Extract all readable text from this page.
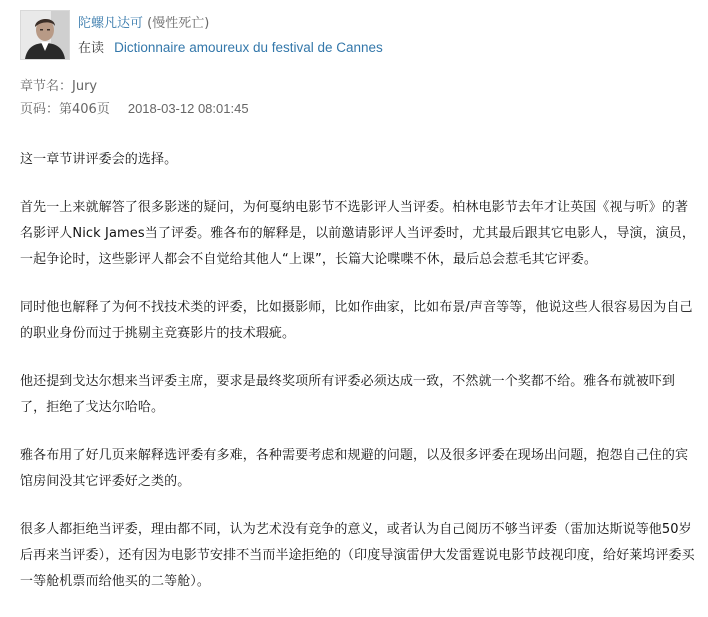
陀螺凡达可 (慢性死亡)
在读 Dictionnaire amoureux du festival de Cannes
章节名：Jury
页码：第406页 2018-03-12 08:01:45

这一章节讲评委会的选择。

首先一上来就解答了很多影迷的疑问，为何戛纳电影节不选影评人当评委。柏林电影节去年才让英国《视与听》的著名影评人Nick James当了评委。雅各布的解释是，以前邀请影评人当评委时，尤其最后跟其它电影人，导演，演员，一起争论时，这些影评人都会不自觉给其他人“上课”，长篇大论喋喋不休，最后总会惹毛其它评委。

同时他也解释了为何不找技术类的评委，比如摄影师，比如作曲家，比如布景/声音等等，他说这些人很容易因为自己的职业身份而过于挑剔主竞赛影片的技术瑕疵。

他还提到戈达尔想来当评委主席，要求是最终奖项所有评委必须达成一致，不然就一个奖都不给。雅各布就被吓到了，拒绝了戈达尔哈哈。

雅各布用了好几页来解释选评委有多难，各种需要考虑和规避的问题，以及很多评委在现场出问题，抱怨自己住的宾馆房间没其它评委好之类的。

很多人都拒绝当评委，理由都不同，认为艺术没有竞争的意义，或者认为自己阅历不够当评委（雷加达斯说等他50岁后再来当评委），还有因为电影节安排不当而半途拒绝的（印度导演雷伊大发雷霆说电影节歧视印度，给好莱坞评委买一等舱机票而给他买的二等舱）。
